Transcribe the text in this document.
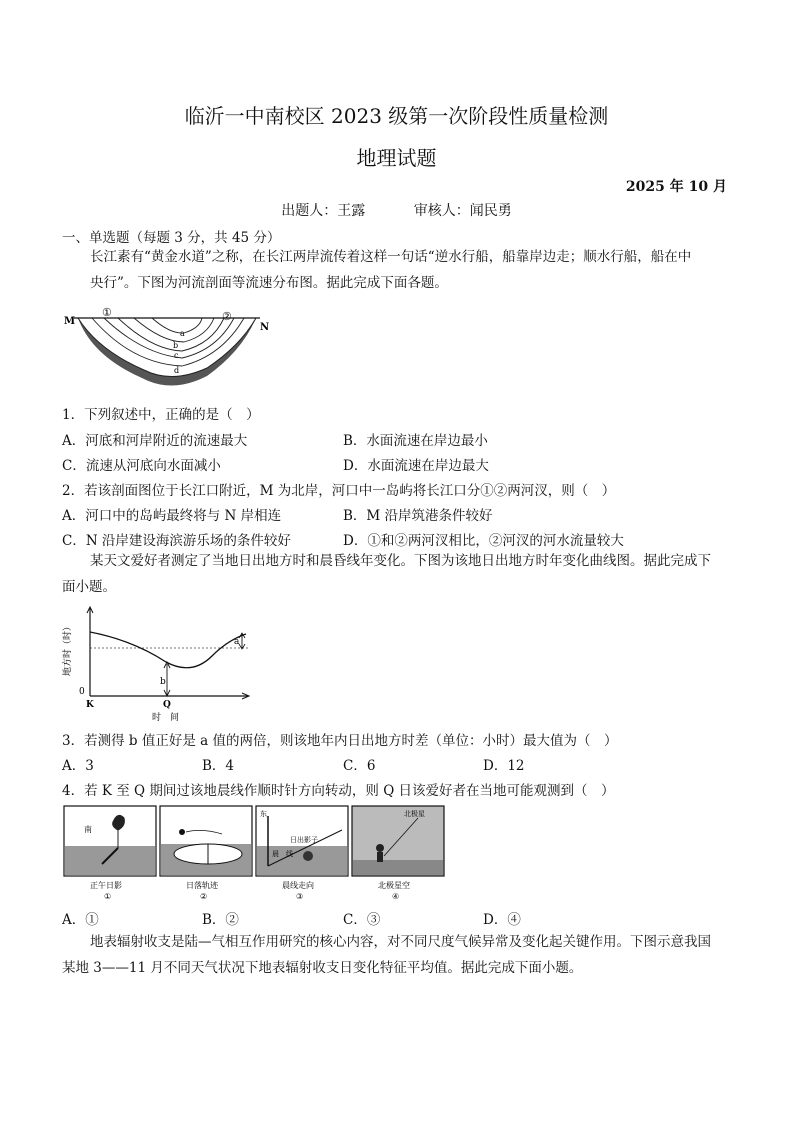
临沂一中南校区 2023 级第一次阶段性质量检测
地理试题
2025 年 10 月
出题人：王露	审核人：闻民勇
一、单选题（每题 3 分，共 45 分）
长江素有“黄金水道”之称，在长江两岸流传着这样一句话“逆水行船，船靠岸边走；顺水行船，船在中
央行”。下图为河流剖面等流速分布图。据此完成下面各题。
M
N
①	②
a
b
c
d
1．下列叙述中，正确的是（　）
A．河底和河岸附近的流速最大	B．水面流速在岸边最小
C．流速从河底向水面减小	D．水面流速在岸边最大
2．若该剖面图位于长江口附近，M 为北岸，河口中一岛屿将长江口分①②两河汊，则（　）
A．河口中的岛屿最终将与 N 岸相连	B．M 沿岸筑港条件较好
C．N 沿岸建设海滨游乐场的条件较好	D．①和②两河汊相比，②河汊的河水流量较大
某天文爱好者测定了当地日出地方时和晨昏线年变化。下图为该地日出地方时年变化曲线图。据此完成下
面小题。
地方时（时）
0
K	Q
时　间
b
a
3．若测得 b 值正好是 a 值的两倍，则该地年内日出地方时差（单位：小时）最大值为（　）
A．3	B．4	C．6	D．12
4．若 K 至 Q 期间过该地晨线作顺时针方向转动，则 Q 日该爱好者在当地可能观测到（　）
南
正午日影
①
日落轨迹
②
东
日出影子
晨　线
晨线走向
③
北极星
北极星空
④
A．①	B．②	C．③	D．④
地表辐射收支是陆—气相互作用研究的核心内容，对不同尺度气候异常及变化起关键作用。下图示意我国
某地 3——11 月不同天气状况下地表辐射收支日变化特征平均值。据此完成下面小题。
